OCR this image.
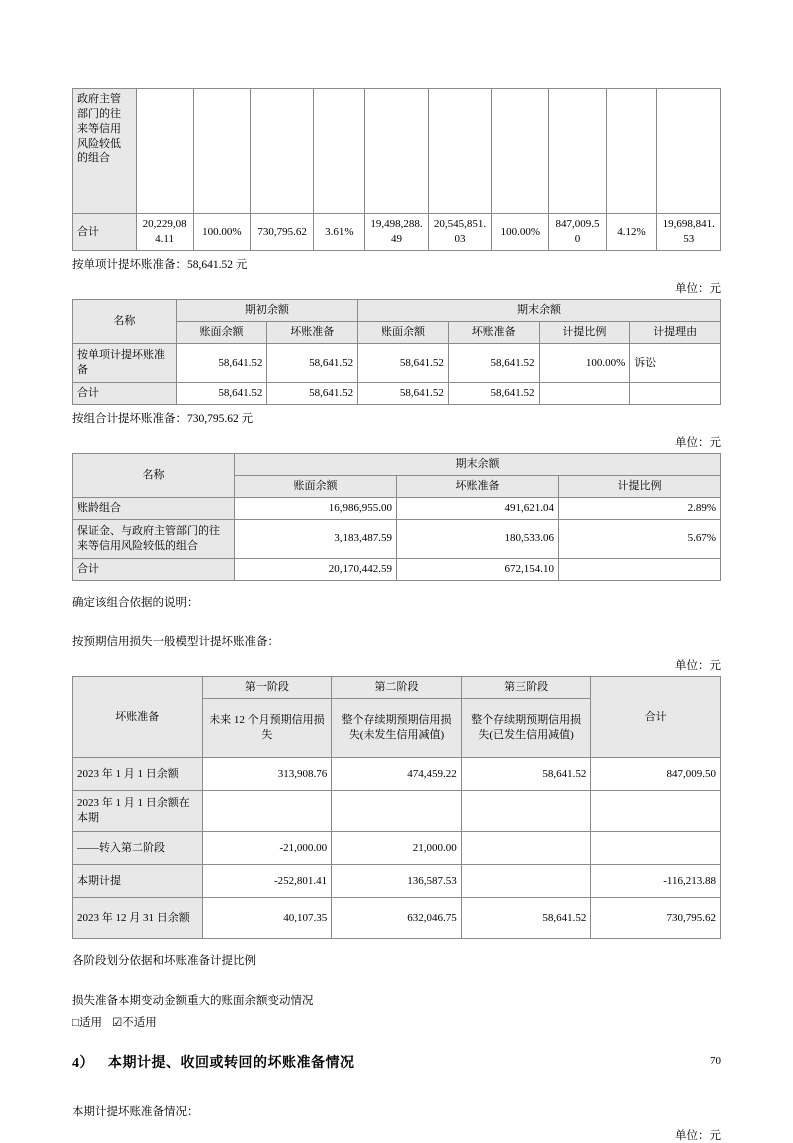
政府主管部门的往来等信用风险较低的组合										
合计	20,229,084.11	100.00%	730,795.62	3.61%	19,498,288.49	20,545,851.03	100.00%	847,009.50	4.12%	19,698,841.53

按单项计提坏账准备：58,641.52 元

单位：元

名称	期初余额		期末余额			
	账面余额	坏账准备	账面余额	坏账准备	计提比例	计提理由
按单项计提坏账准备	58,641.52	58,641.52	58,641.52	58,641.52	100.00%	诉讼
合计	58,641.52	58,641.52	58,641.52	58,641.52		

按组合计提坏账准备：730,795.62 元

单位：元

名称	期末余额		
	账面余额	坏账准备	计提比例
账龄组合	16,986,955.00	491,621.04	2.89%
保证金、与政府主管部门的往来等信用风险较低的组合	3,183,487.59	180,533.06	5.67%
合计	20,170,442.59	672,154.10	

确定该组合依据的说明：

按预期信用损失一般模型计提坏账准备：

单位：元

坏账准备	第一阶段	第二阶段	第三阶段	合计
	未来 12 个月预期信用损失	整个存续期预期信用损失(未发生信用减值)	整个存续期预期信用损失(已发生信用减值)	
2023 年 1 月 1 日余额	313,908.76	474,459.22	58,641.52	847,009.50
2023 年 1 月 1 日余额在本期				
——转入第二阶段	-21,000.00	21,000.00		
本期计提	-252,801.41	136,587.53		-116,213.88
2023 年 12 月 31 日余额	40,107.35	632,046.75	58,641.52	730,795.62

各阶段划分依据和坏账准备计提比例

损失准备本期变动金额重大的账面余额变动情况

□适用 ☑不适用

4） 本期计提、收回或转回的坏账准备情况

本期计提坏账准备情况：

单位：元

70
